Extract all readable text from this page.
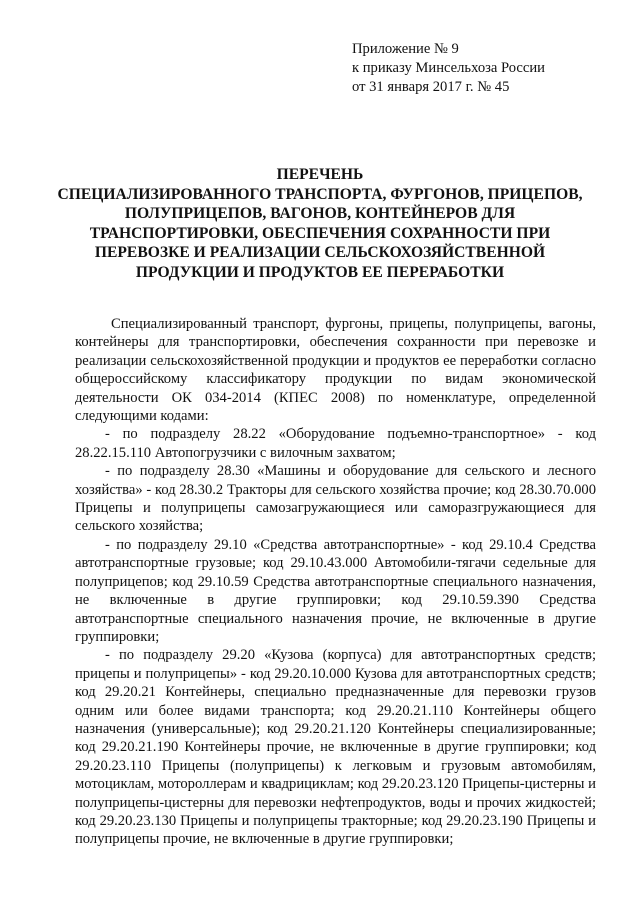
Приложение № 9
к приказу Минсельхоза России
от 31 января 2017 г. № 45
ПЕРЕЧЕНЬ
СПЕЦИАЛИЗИРОВАННОГО ТРАНСПОРТА, ФУРГОНОВ, ПРИЦЕПОВ,
ПОЛУПРИЦЕПОВ, ВАГОНОВ, КОНТЕЙНЕРОВ ДЛЯ
ТРАНСПОРТИРОВКИ, ОБЕСПЕЧЕНИЯ СОХРАННОСТИ ПРИ
ПЕРЕВОЗКЕ И РЕАЛИЗАЦИИ СЕЛЬСКОХОЗЯЙСТВЕННОЙ
ПРОДУКЦИИ И ПРОДУКТОВ ЕЕ ПЕРЕРАБОТКИ

Специализированный транспорт, фургоны, прицепы, полуприцепы, вагоны, контейнеры для транспортировки, обеспечения сохранности при перевозке и реализации сельскохозяйственной продукции и продуктов ее переработки согласно общероссийскому классификатору продукции по видам экономической деятельности ОК 034-2014 (КПЕС 2008) по номенклатуре, определенной следующими кодами:

- по подразделу 28.22 «Оборудование подъемно-транспортное» - код 28.22.15.110 Автопогрузчики с вилочным захватом;

- по подразделу 28.30 «Машины и оборудование для сельского и лесного хозяйства» - код 28.30.2 Тракторы для сельского хозяйства прочие; код 28.30.70.000 Прицепы и полуприцепы самозагружающиеся или саморазгружающиеся для сельского хозяйства;

- по подразделу 29.10 «Средства автотранспортные» - код 29.10.4 Средства автотранспортные грузовые; код 29.10.43.000 Автомобили-тягачи седельные для полуприцепов; код 29.10.59 Средства автотранспортные специального назначения, не включенные в другие группировки; код 29.10.59.390 Средства автотранспортные специального назначения прочие, не включенные в другие группировки;

- по подразделу 29.20 «Кузова (корпуса) для автотранспортных средств; прицепы и полуприцепы» - код 29.20.10.000 Кузова для автотранспортных средств; код 29.20.21 Контейнеры, специально предназначенные для перевозки грузов одним или более видами транспорта; код 29.20.21.110 Контейнеры общего назначения (универсальные); код 29.20.21.120 Контейнеры специализированные; код 29.20.21.190 Контейнеры прочие, не включенные в другие группировки; код 29.20.23.110 Прицепы (полуприцепы) к легковым и грузовым автомобилям, мотоциклам, мотороллерам и квадрициклам; код 29.20.23.120 Прицепы-цистерны и полуприцепы-цистерны для перевозки нефтепродуктов, воды и прочих жидкостей; код 29.20.23.130 Прицепы и полуприцепы тракторные; код 29.20.23.190 Прицепы и полуприцепы прочие, не включенные в другие группировки;
